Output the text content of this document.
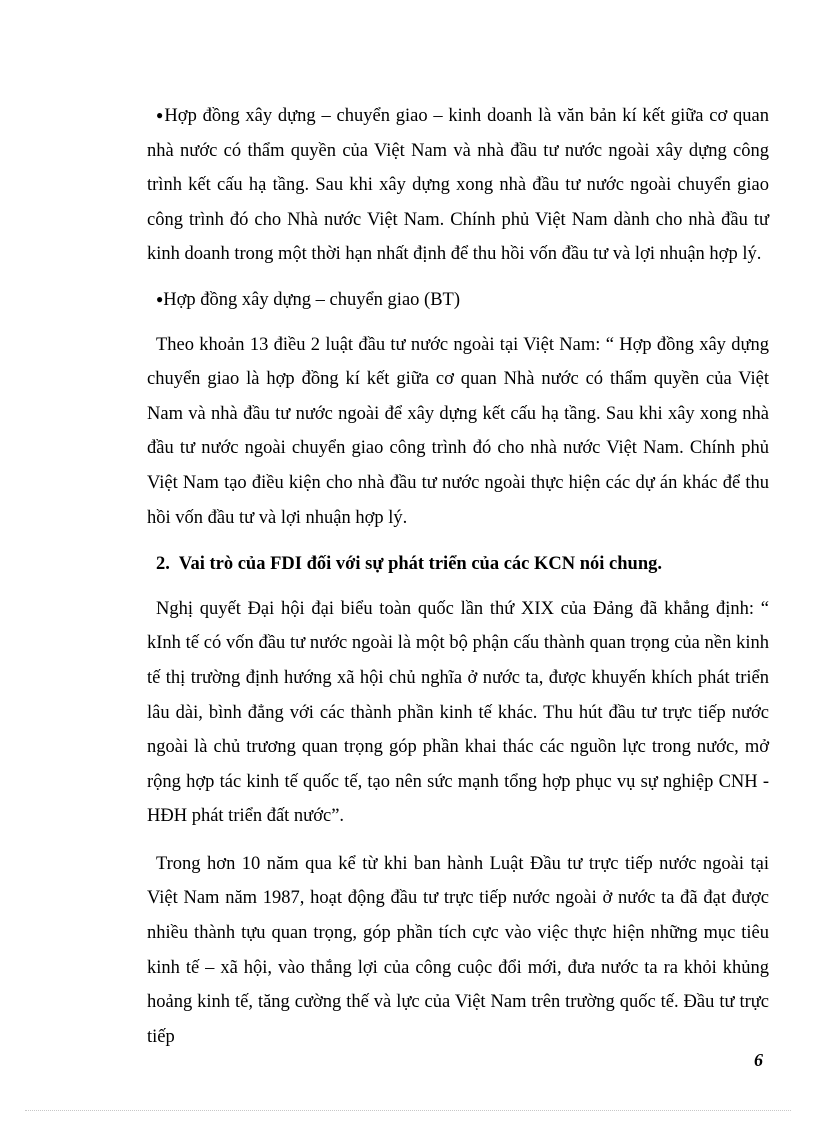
●Hợp đồng xây dựng – chuyển giao – kinh doanh là văn bản kí kết giữa cơ quan nhà nước có thẩm quyền của Việt Nam và nhà đầu tư nước ngoài xây dựng công trình kết cấu hạ tầng. Sau khi xây dựng xong nhà đầu tư nước ngoài chuyển giao công trình đó cho Nhà nước Việt Nam. Chính phủ Việt Nam dành cho nhà đầu tư kinh doanh trong một thời hạn nhất định để thu hồi vốn đầu tư và lợi nhuận hợp lý.

●Hợp đồng xây dựng – chuyển giao (BT)

Theo khoản 13 điều 2 luật đầu tư nước ngoài tại Việt Nam: “ Hợp đồng xây dựng chuyển giao là hợp đồng kí kết giữa cơ quan Nhà nước có thẩm quyền của Việt Nam và nhà đầu tư nước ngoài để xây dựng kết cấu hạ tầng. Sau khi xây xong nhà đầu tư nước ngoài chuyển giao công trình đó cho nhà nước Việt Nam. Chính phủ Việt Nam tạo điều kiện cho nhà đầu tư nước ngoài thực hiện các dự án khác để thu hồi vốn đầu tư và lợi nhuận hợp lý.

2. Vai trò của FDI đối với sự phát triển của các KCN nói chung.

Nghị quyết Đại hội đại biểu toàn quốc lần thứ XIX của Đảng đã khẳng định: “ kInh tế có vốn đầu tư nước ngoài là một bộ phận cấu thành quan trọng của nền kinh tế thị trường định hướng xã hội chủ nghĩa ở nước ta, được khuyến khích phát triển lâu dài, bình đẳng với các thành phần kinh tế khác. Thu hút đầu tư trực tiếp nước ngoài là chủ trương quan trọng góp phần khai thác các nguồn lực trong nước, mở rộng hợp tác kinh tế quốc tế, tạo nên sức mạnh tổng hợp phục vụ sự nghiệp CNH - HĐH phát triển đất nước”.

Trong hơn 10 năm qua kể từ khi ban hành Luật Đầu tư trực tiếp nước ngoài tại Việt Nam năm 1987, hoạt động đầu tư trực tiếp nước ngoài ở nước ta đã đạt được nhiều thành tựu quan trọng, góp phần tích cực vào việc thực hiện những mục tiêu kinh tế – xã hội, vào thắng lợi của công cuộc đổi mới, đưa nước ta ra khỏi khủng hoảng kinh tế, tăng cường thế và lực của Việt Nam trên trường quốc tế. Đầu tư trực tiếp

6
